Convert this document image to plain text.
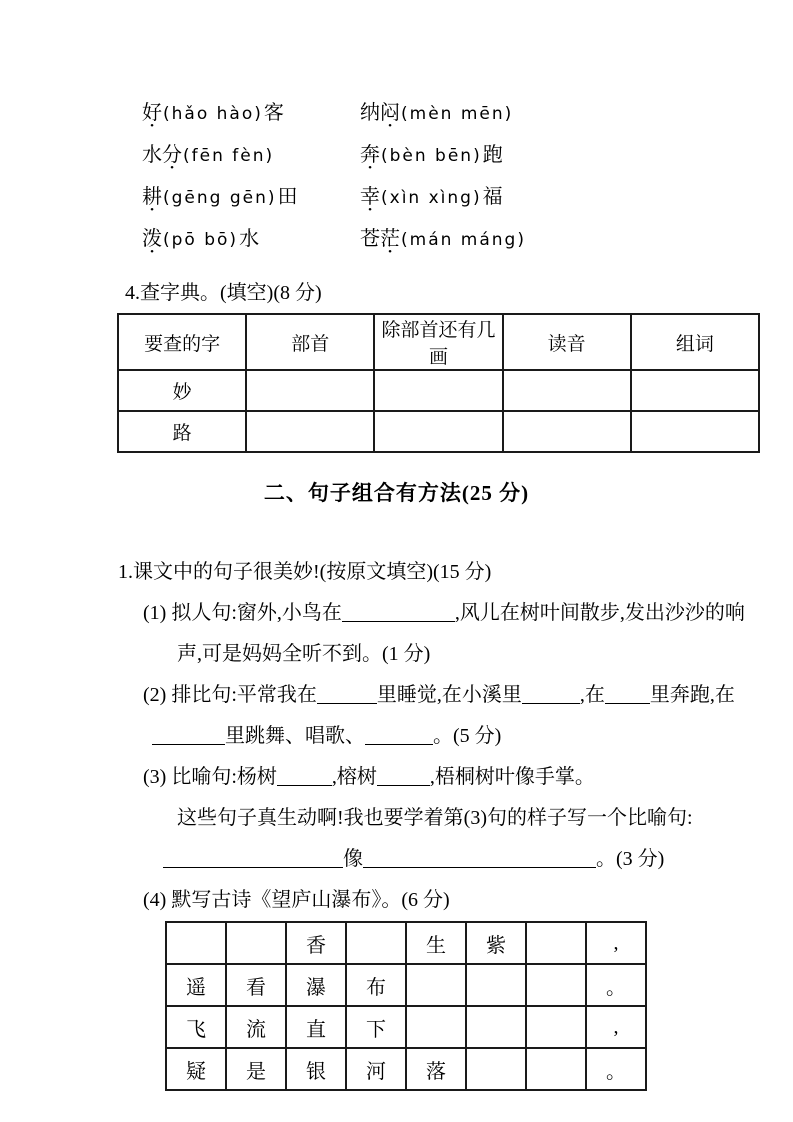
好(hǎo hào)客	纳闷(mèn mēn)
水分(fēn fèn)	奔(bèn bēn)跑
耕(gēng gēn)田	幸(xìn xìng)福
泼(pō bō)水	苍茫(mán máng)
4.查字典。(填空)(8 分)
要查的字	部首	除部首还有几画	读音	组词
妙				
路				
二、句子组合有方法(25 分)
1.课文中的句子很美妙!(按原文填空)(15 分)
(1) 拟人句:窗外,小鸟在	,风儿在树叶间散步,发出沙沙的响
声,可是妈妈全听不到。(1 分)
(2) 排比句:平常我在	里睡觉,在小溪里	,在 里奔跑,在
里跳舞、唱歌、	。(5 分)
(3) 比喻句:杨树	,榕树	,梧桐树叶像手掌。
这些句子真生动啊!我也要学着第(3)句的样子写一个比喻句:
像	。(3 分)
(4) 默写古诗《望庐山瀑布》。(6 分)
		香		生	紫		,
遥	看	瀑	布				。
飞	流	直	下				,
疑	是	银	河	落			。
